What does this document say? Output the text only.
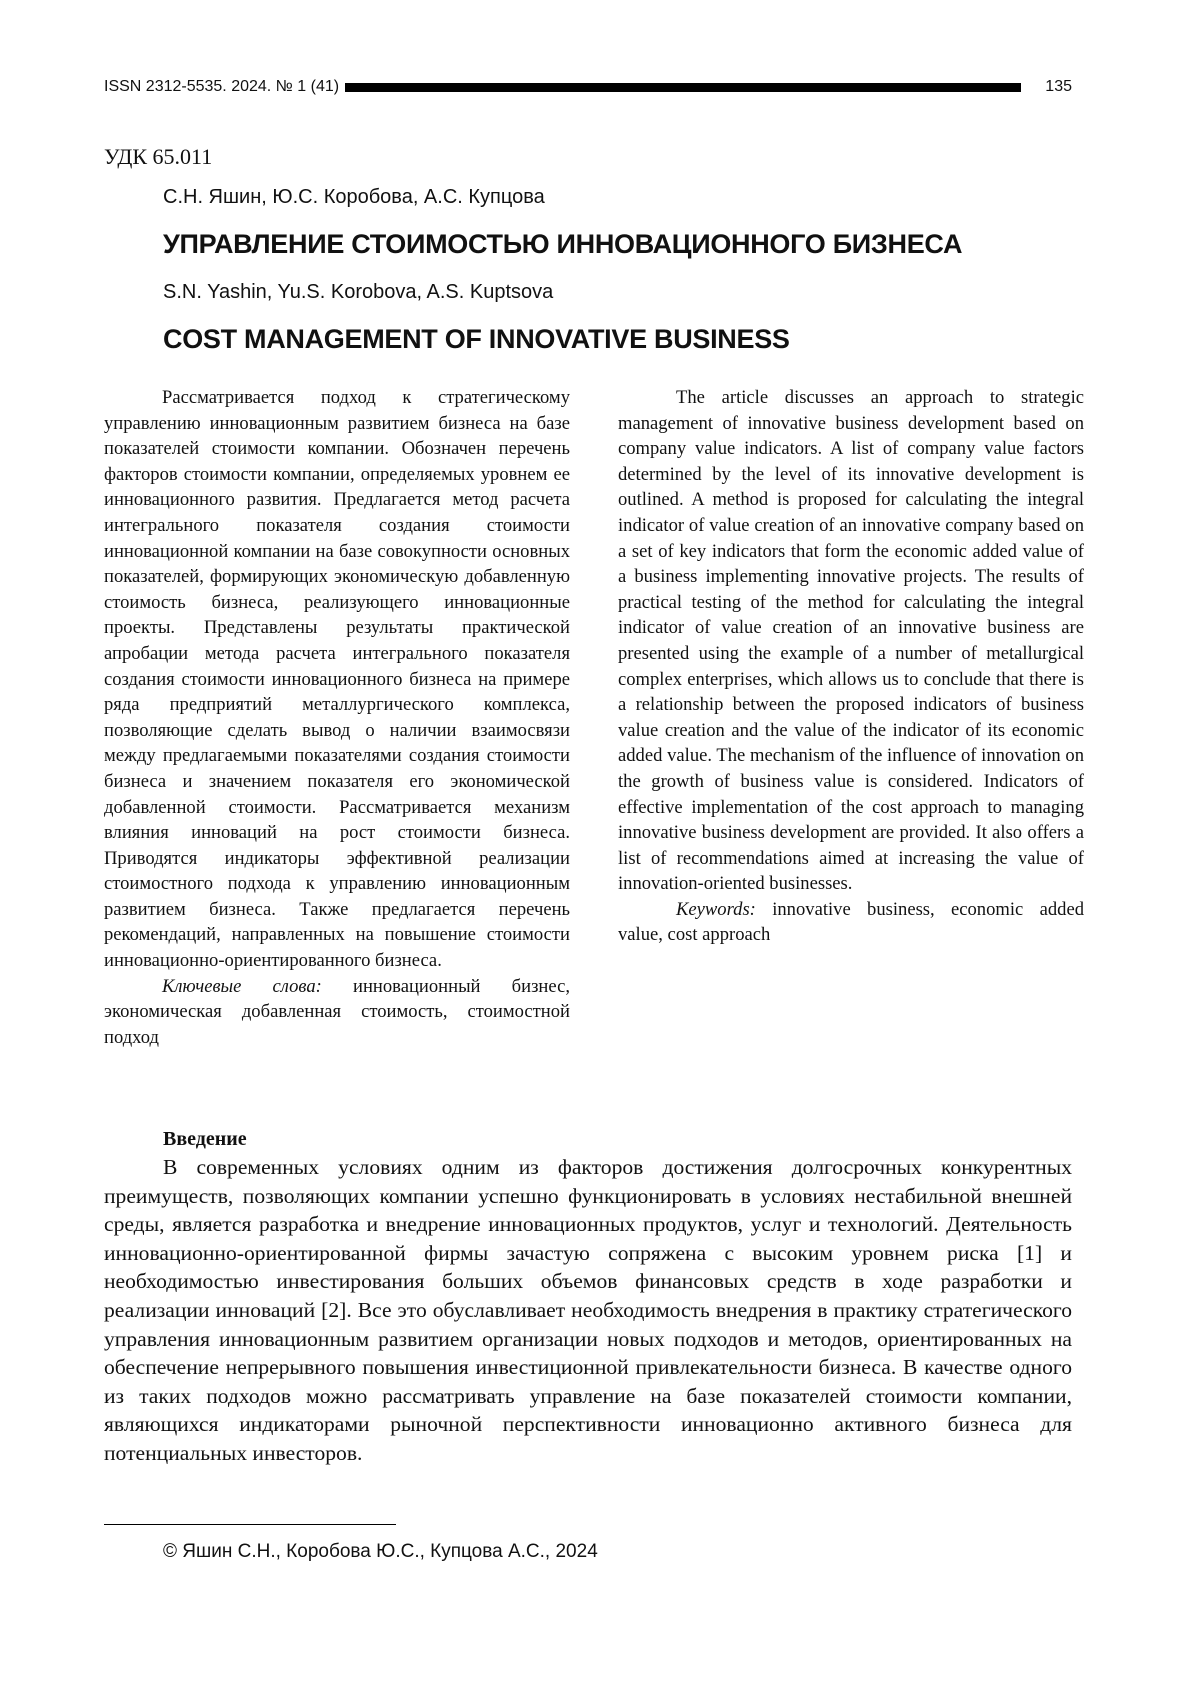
ISSN 2312-5535. 2024. № 1 (41)	135
УДК 65.011
С.Н. Яшин, Ю.С. Коробова, А.С. Купцова
УПРАВЛЕНИЕ СТОИМОСТЬЮ ИННОВАЦИОННОГО БИЗНЕСА
S.N. Yashin, Yu.S. Korobova, A.S. Kuptsova
COST MANAGEMENT OF INNOVATIVE BUSINESS

Рассматривается подход к стратегическому управлению инновационным развитием бизнеса на базе показателей стоимости компании. Обозначен перечень факторов стоимости компании, определяемых уровнем ее инновационного развития. Предлагается метод расчета интегрального показателя создания стоимости инновационной компании на базе совокупности основных показателей, формирующих экономическую добавленную стоимость бизнеса, реализующего инновационные проекты. Представлены результаты практической апробации метода расчета интегрального показателя создания стоимости инновационного бизнеса на примере ряда предприятий металлургического комплекса, позволяющие сделать вывод о наличии взаимосвязи между предлагаемыми показателями создания стоимости бизнеса и значением показателя его экономической добавленной стоимости. Рассматривается механизм влияния инноваций на рост стоимости бизнеса. Приводятся индикаторы эффективной реализации стоимостного подхода к управлению инновационным развитием бизнеса. Также предлагается перечень рекомендаций, направленных на повышение стоимости инновационно-ориентированного бизнеса.

Ключевые слова: инновационный бизнес, экономическая добавленная стоимость, стоимостной подход

The article discusses an approach to strategic management of innovative business development based on company value indicators. A list of company value factors determined by the level of its innovative development is outlined. A method is proposed for calculating the integral indicator of value creation of an innovative company based on a set of key indicators that form the economic added value of a business implementing innovative projects. The results of practical testing of the method for calculating the integral indicator of value creation of an innovative business are presented using the example of a number of metallurgical complex enterprises, which allows us to conclude that there is a relationship between the proposed indicators of business value creation and the value of the indicator of its economic added value. The mechanism of the influence of innovation on the growth of business value is considered. Indicators of effective implementation of the cost approach to managing innovative business development are provided. It also offers a list of recommendations aimed at increasing the value of innovation-oriented businesses.

Keywords: innovative business, economic added value, cost approach

Введение

В современных условиях одним из факторов достижения долгосрочных конкурентных преимуществ, позволяющих компании успешно функционировать в условиях нестабильной внешней среды, является разработка и внедрение инновационных продуктов, услуг и технологий. Деятельность инновационно-ориентированной фирмы зачастую сопряжена с высоким уровнем риска [1] и необходимостью инвестирования больших объемов финансовых средств в ходе разработки и реализации инноваций [2]. Все это обуславливает необходимость внедрения в практику стратегического управления инновационным развитием организации новых подходов и методов, ориентированных на обеспечение непрерывного повышения инвестиционной привлекательности бизнеса. В качестве одного из таких подходов можно рассматривать управление на базе показателей стоимости компании, являющихся индикаторами рыночной перспективности инновационно активного бизнеса для потенциальных инвесторов.

© Яшин С.Н., Коробова Ю.С., Купцова А.С., 2024
